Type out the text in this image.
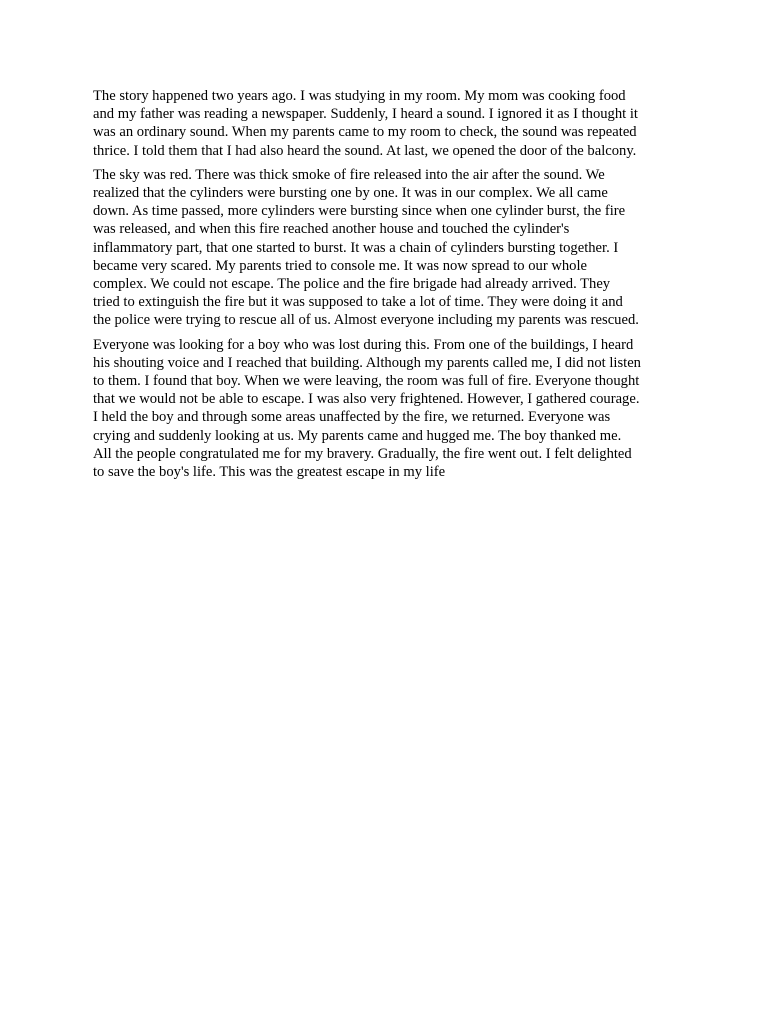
The story happened two years ago. I was studying in my room. My mom was cooking food
and my father was reading a newspaper. Suddenly, I heard a sound. I ignored it as I thought it
was an ordinary sound. When my parents came to my room to check, the sound was repeated
thrice. I told them that I had also heard the sound. At last, we opened the door of the balcony.

The sky was red. There was thick smoke of fire released into the air after the sound. We
realized that the cylinders were bursting one by one. It was in our complex. We all came
down. As time passed, more cylinders were bursting since when one cylinder burst, the fire
was released, and when this fire reached another house and touched the cylinder's
inflammatory part, that one started to burst. It was a chain of cylinders bursting together. I
became very scared. My parents tried to console me. It was now spread to our whole
complex. We could not escape. The police and the fire brigade had already arrived. They
tried to extinguish the fire but it was supposed to take a lot of time. They were doing it and
the police were trying to rescue all of us. Almost everyone including my parents was rescued.

Everyone was looking for a boy who was lost during this. From one of the buildings, I heard
his shouting voice and I reached that building. Although my parents called me, I did not listen
to them. I found that boy. When we were leaving, the room was full of fire. Everyone thought
that we would not be able to escape. I was also very frightened. However, I gathered courage.
I held the boy and through some areas unaffected by the fire, we returned. Everyone was
crying and suddenly looking at us. My parents came and hugged me. The boy thanked me.
All the people congratulated me for my bravery. Gradually, the fire went out. I felt delighted
to save the boy's life. This was the greatest escape in my life
